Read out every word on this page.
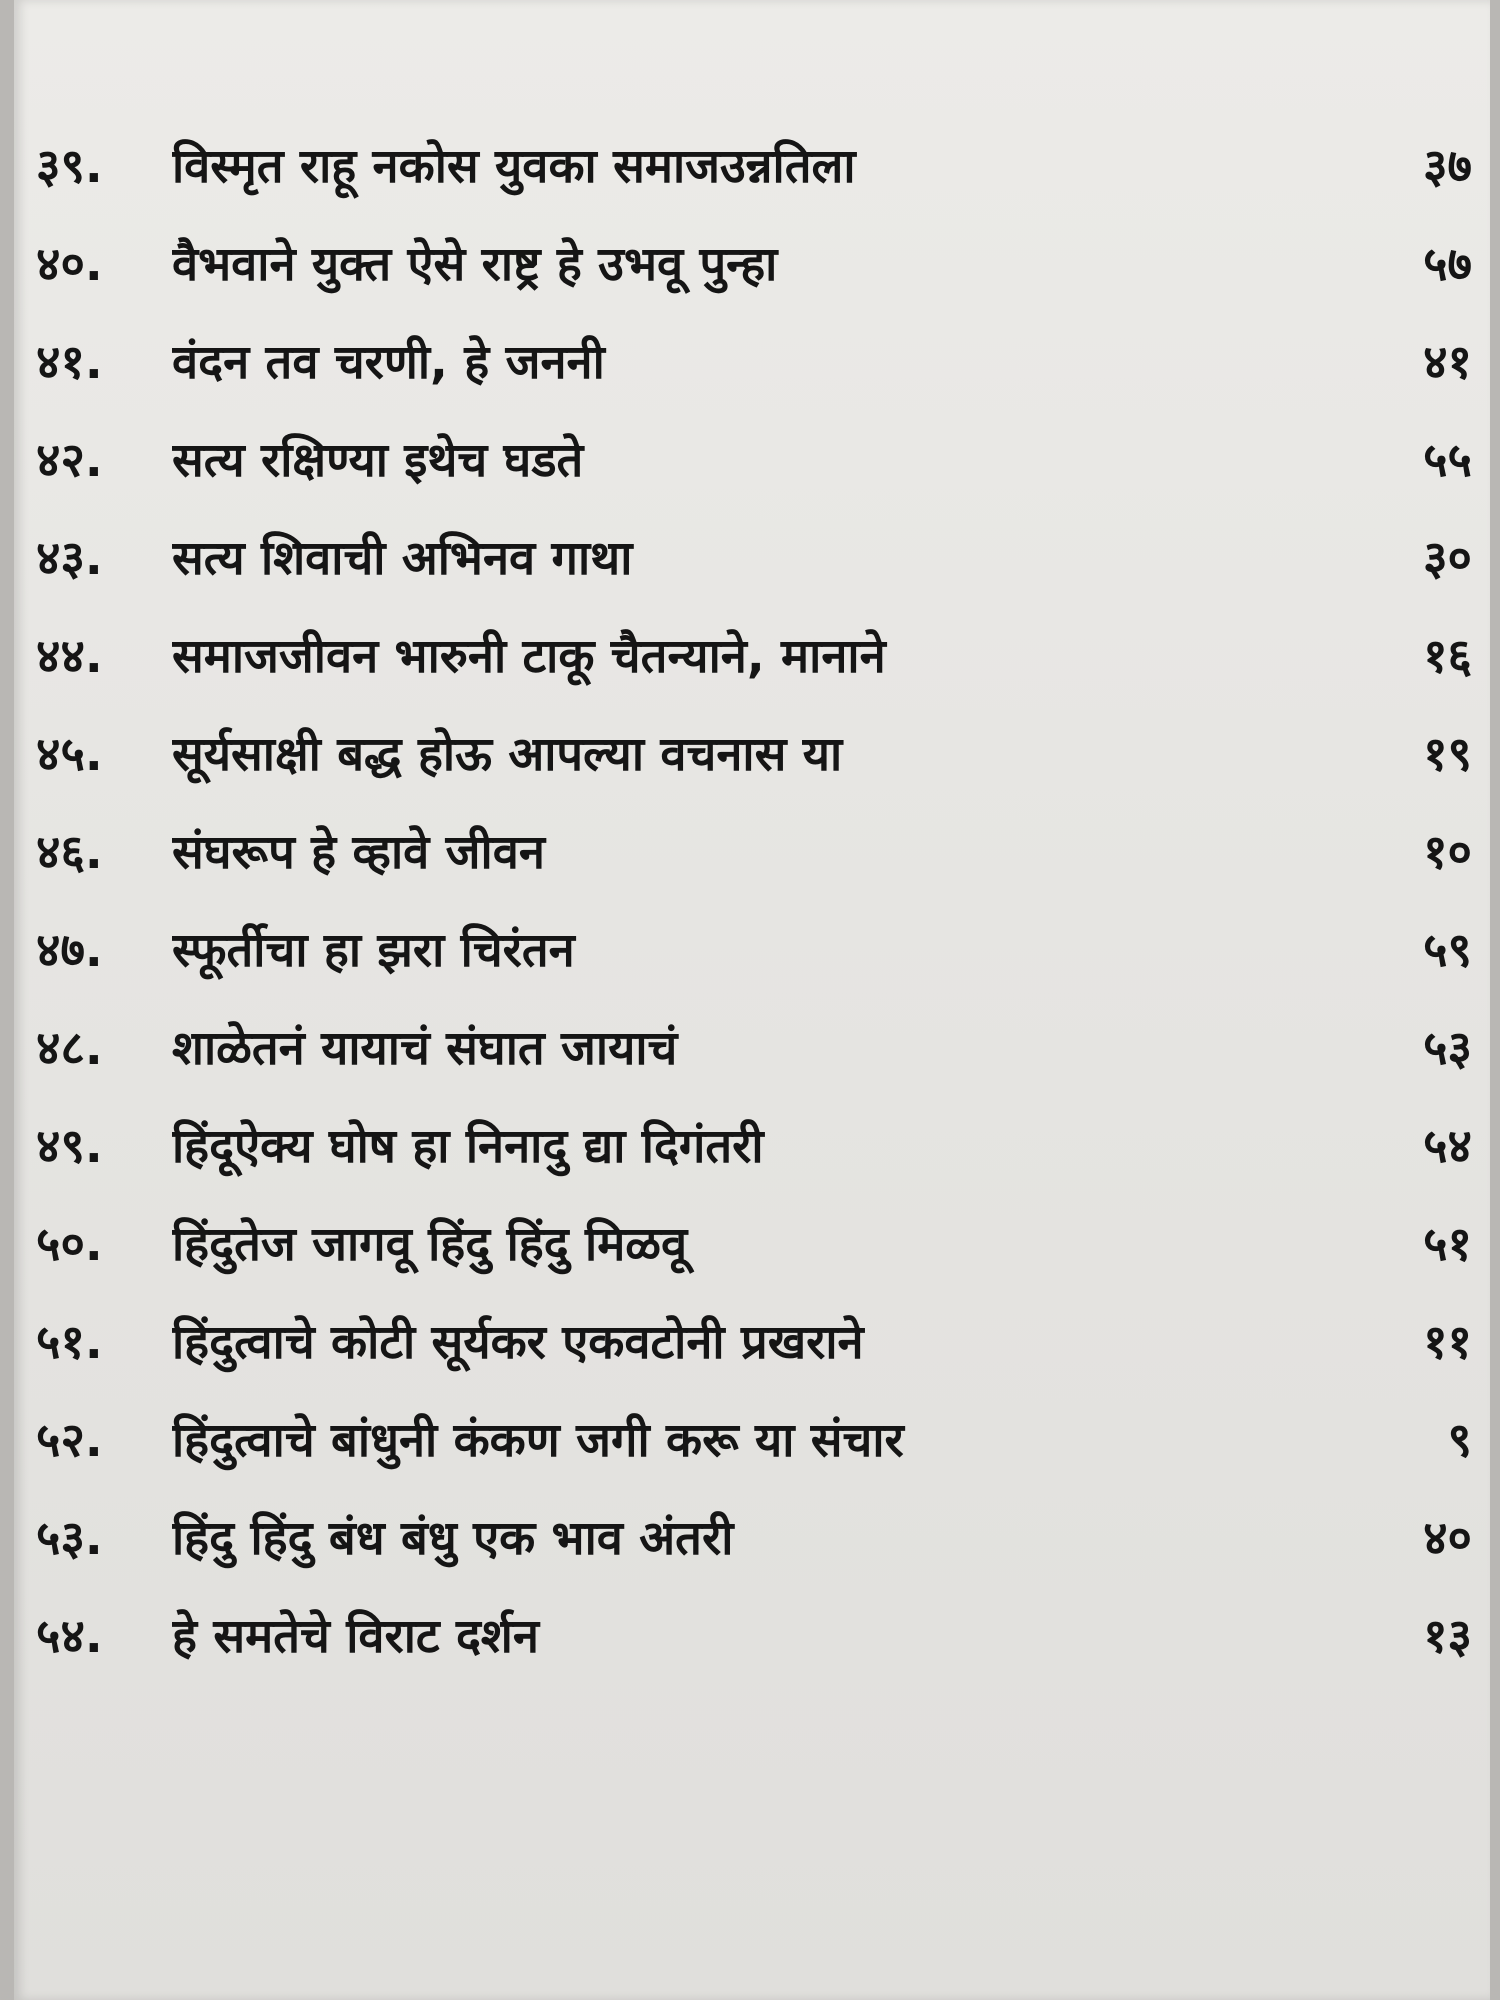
३९.	विस्मृत राहू नकोस युवका समाजउन्नतिला	३७
४०.	वैभवाने युक्त ऐसे राष्ट्र हे उभवू पुन्हा	५७
४१.	वंदन तव चरणी, हे जननी	४१
४२.	सत्य रक्षिण्या इथेच घडते	५५
४३.	सत्य शिवाची अभिनव गाथा	३०
४४.	समाजजीवन भारुनी टाकू चैतन्याने, मानाने	१६
४५.	सूर्यसाक्षी बद्ध होऊ आपल्या वचनास या	१९
४६.	संघरूप हे व्हावे जीवन	१०
४७.	स्फूर्तीचा हा झरा चिरंतन	५९
४८.	शाळेतनं यायाचं संघात जायाचं	५३
४९.	हिंदूऐक्य घोष हा निनादु द्या दिगंतरी	५४
५०.	हिंदुतेज जागवू हिंदु हिंदु मिळवू	५१
५१.	हिंदुत्वाचे कोटी सूर्यकर एकवटोनी प्रखराने	११
५२.	हिंदुत्वाचे बांधुनी कंकण जगी करू या संचार	९
५३.	हिंदु हिंदु बंध बंधु एक भाव अंतरी	४०
५४.	हे समतेचे विराट दर्शन	१३
